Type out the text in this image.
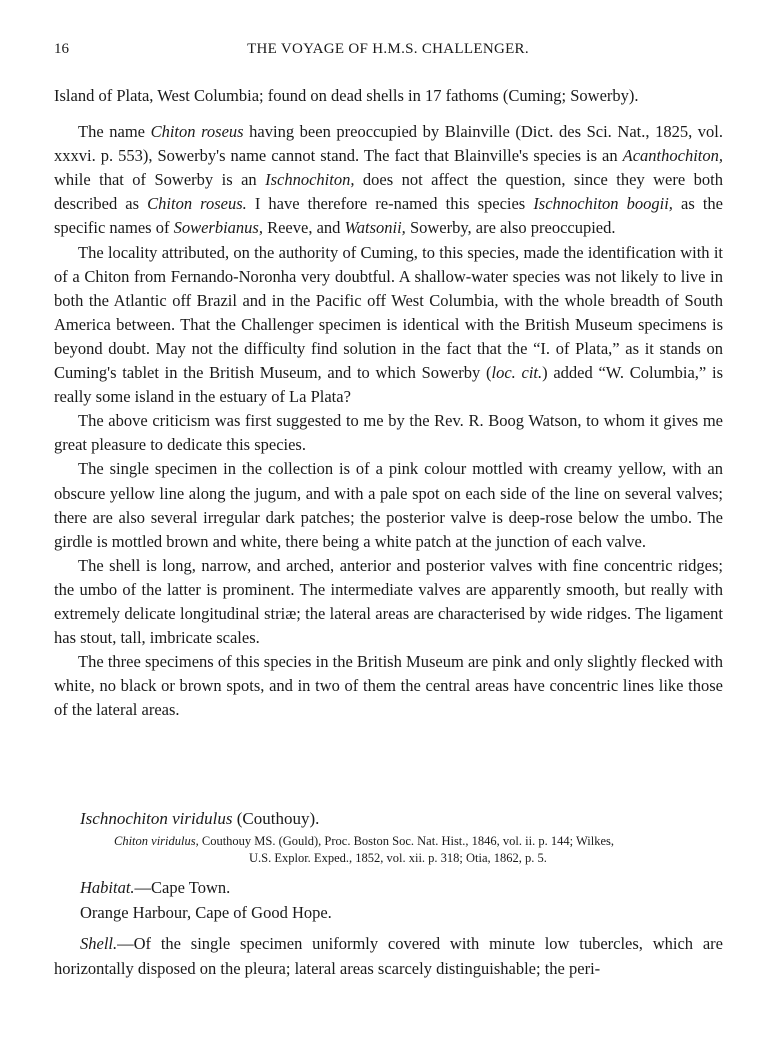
16	THE VOYAGE OF H.M.S. CHALLENGER.

Island of Plata, West Columbia; found on dead shells in 17 fathoms (Cuming; Sowerby).

The name Chiton roseus having been preoccupied by Blainville (Dict. des Sci. Nat., 1825, vol. xxxvi. p. 553), Sowerby's name cannot stand. The fact that Blainville's species is an Acanthochiton, while that of Sowerby is an Ischnochiton, does not affect the question, since they were both described as Chiton roseus. I have therefore re-named this species Ischnochiton boogii, as the specific names of Sowerbianus, Reeve, and Watsonii, Sowerby, are also preoccupied.

The locality attributed, on the authority of Cuming, to this species, made the identification with it of a Chiton from Fernando-Noronha very doubtful. A shallow-water species was not likely to live in both the Atlantic off Brazil and in the Pacific off West Columbia, with the whole breadth of South America between. That the Challenger specimen is identical with the British Museum specimens is beyond doubt. May not the difficulty find solution in the fact that the “I. of Plata,” as it stands on Cuming's tablet in the British Museum, and to which Sowerby (loc. cit.) added “W. Columbia,” is really some island in the estuary of La Plata?

The above criticism was first suggested to me by the Rev. R. Boog Watson, to whom it gives me great pleasure to dedicate this species.

The single specimen in the collection is of a pink colour mottled with creamy yellow, with an obscure yellow line along the jugum, and with a pale spot on each side of the line on several valves; there are also several irregular dark patches; the posterior valve is deep-rose below the umbo. The girdle is mottled brown and white, there being a white patch at the junction of each valve.

The shell is long, narrow, and arched, anterior and posterior valves with fine concentric ridges; the umbo of the latter is prominent. The intermediate valves are apparently smooth, but really with extremely delicate longitudinal striæ; the lateral areas are characterised by wide ridges. The ligament has stout, tall, imbricate scales.

The three specimens of this species in the British Museum are pink and only slightly flecked with white, no black or brown spots, and in two of them the central areas have concentric lines like those of the lateral areas.

Ischnochiton viridulus (Couthouy).
Chiton viridulus, Couthouy MS. (Gould), Proc. Boston Soc. Nat. Hist., 1846, vol. ii. p. 144; Wilkes,
U.S. Explor. Exped., 1852, vol. xii. p. 318; Otia, 1862, p. 5.
Habitat.—Cape Town.
Orange Harbour, Cape of Good Hope.

Shell.—Of the single specimen uniformly covered with minute low tubercles, which are horizontally disposed on the pleura; lateral areas scarcely distinguishable; the peri-
